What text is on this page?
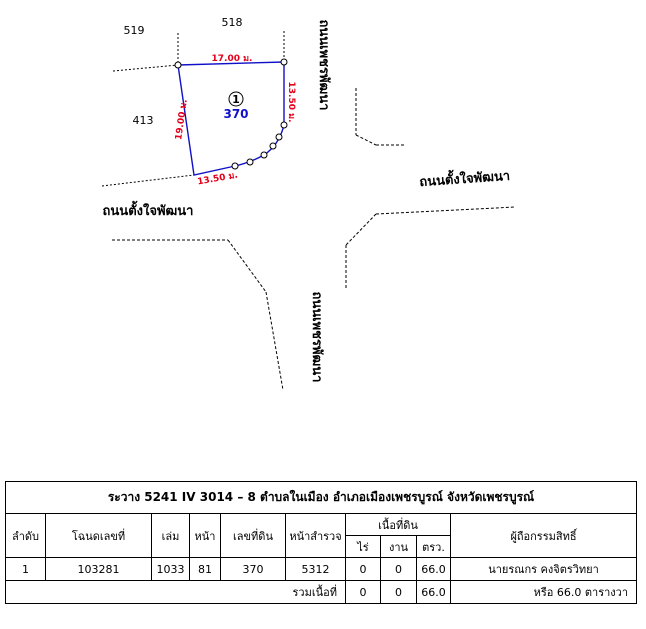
1
370
17.00 ม.
13.50 ม.
19.00 ม.
13.50 ม.
519
518
413
ถนนตั้งใจพัฒนา
ถนนตั้งใจพัฒนา
ถนนเพชรพัฒนา
ถนนเพชรพัฒนา
ระวาง 5241 IV 3014 – 8 ตำบลในเมือง อำเภอเมืองเพชรบูรณ์ จังหวัดเพชรบูรณ์									
ลำดับ	โฉนดเลขที่	เล่ม	หน้า	เลขที่ดิน	หน้าสำรวจ	เนื้อที่ดิน			ผู้ถือกรรมสิทธิ์
						ไร่	งาน	ตรว.	
1	103281	1033	81	370	5312	0	0	66.0	นายรณกร คงจิตรวิทยา
รวมเนื้อที่						0	0	66.0	หรือ 66.0 ตารางวา
